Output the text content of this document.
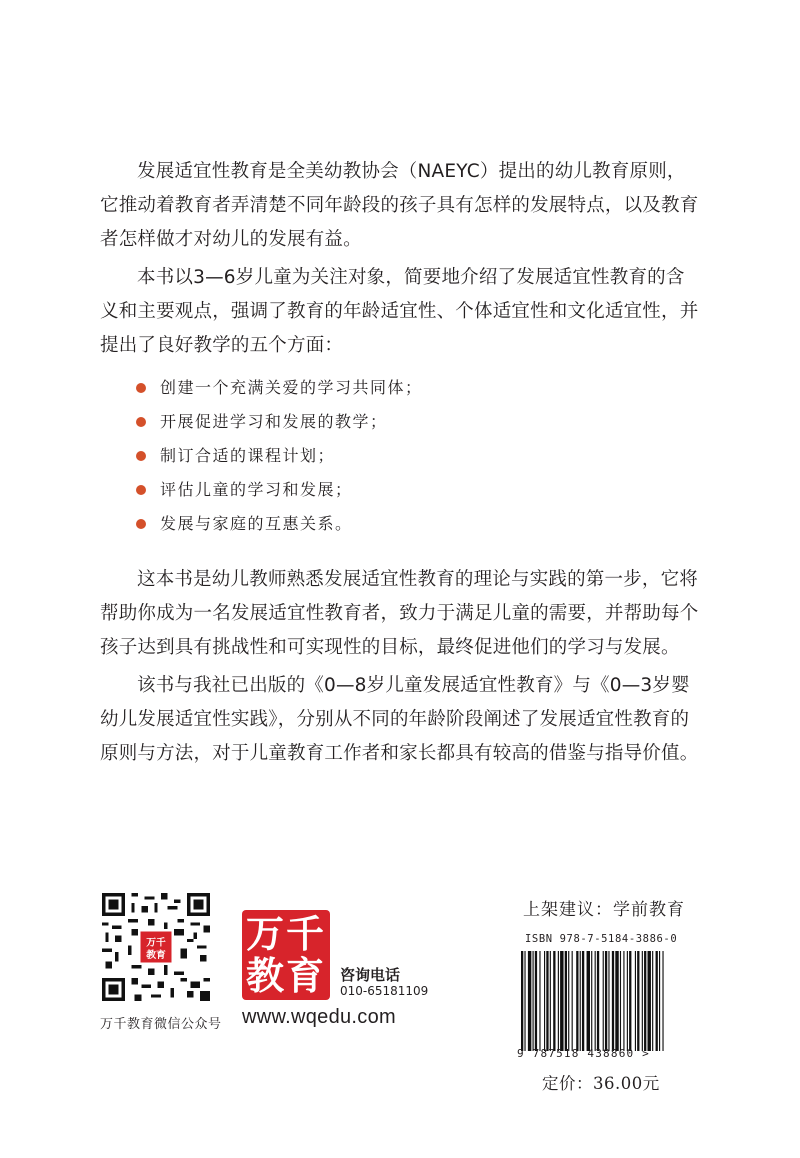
发展适宜性教育是全美幼教协会（NAEYC）提出的幼儿教育原则，它推动着教育者弄清楚不同年龄段的孩子具有怎样的发展特点，以及教育者怎样做才对幼儿的发展有益。

本书以3—6岁儿童为关注对象，简要地介绍了发展适宜性教育的含义和主要观点，强调了教育的年龄适宜性、个体适宜性和文化适宜性，并提出了良好教学的五个方面：

创建一个充满关爱的学习共同体；
开展促进学习和发展的教学；
制订合适的课程计划；
评估儿童的学习和发展；
发展与家庭的互惠关系。

这本书是幼儿教师熟悉发展适宜性教育的理论与实践的第一步，它将帮助你成为一名发展适宜性教育者，致力于满足儿童的需要，并帮助每个孩子达到具有挑战性和可实现性的目标，最终促进他们的学习与发展。

该书与我社已出版的《0—8岁儿童发展适宜性教育》与《0—3岁婴幼儿发展适宜性实践》，分别从不同的年龄阶段阐述了发展适宜性教育的原则与方法，对于儿童教育工作者和家长都具有较高的借鉴与指导价值。

万千
教育
万千教育微信公众号
万千
教育 咨询电话
010-65181109
www.wqedu.com
上架建议：学前教育
ISBN 978-7-5184-3886-0
9 787518 438860 >
定价：36.00元
